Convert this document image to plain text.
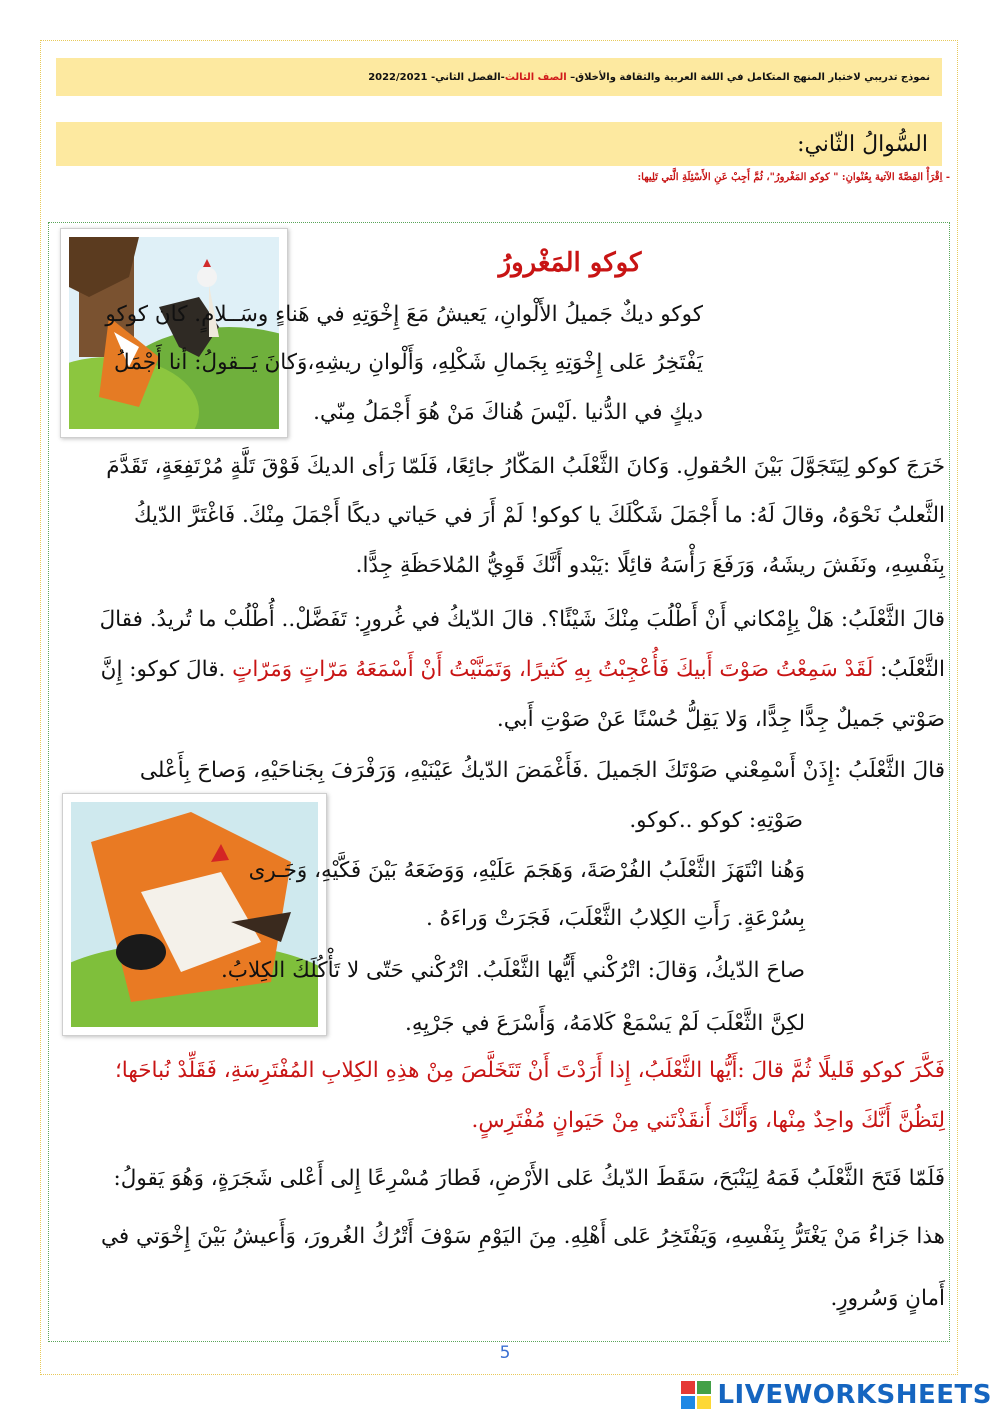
نموذج تدريبي لاختبار المنهج المتكامل في اللغة العربية والثقافة والأخلاق–

الصف الثالث
-الفصل الثاني- 2022/2021
السُّوالُ الثّاني:
- اِقْرَأْ القِصَّةَ الآتية بِعُنْوانِ: " كوكو المَغْرورُ"، ثُمَّ أَجِبْ عَنِ الأَسْئِلَةِ الَّتي تَلِيها:
كوكو المَغْرورُ
كوكو ديكٌ جَميلُ الأَلْوانِ، يَعيشُ مَعَ إِخْوَتِهِ في هَناءٍ وسَــلامٍ. كان كوكو
يَفْتَخِرُ عَلى إِخْوَتِهِ بِجَمالِ شَكْلِهِ، وَأَلْوانِ ريشِهِ،وَكانَ يَــقولُ: أنا أَجْمَلُ
ديكٍ في الدُّنيا .لَيْسَ هُناكَ مَنْ هُوَ أَجْمَلُ مِنّي.
خَرَجَ كوكو لِيَتَجَوَّلَ بَيْنَ الحُقولِ. وَكانَ الثَّعْلَبُ المَكّارُ جائِعًا، فَلَمّا رَأى الديكَ فَوْقَ تَلَّةٍ مُرْتَفِعَةٍ، تَقَدَّمَ
الثَّعلبُ نَحْوَهُ، وقالَ لَهُ: ما أَجْمَلَ شَكْلَكَ يا كوكو! لَمْ أَرَ في حَياتي ديكًا أَجْمَلَ مِنْكَ. فَاغْتَرَّ الدّيكُ
بِنَفْسِهِ، ونَفَشَ ريشَهُ، وَرَفَعَ رَأْسَهُ قائِلًا :يَبْدو أَنَّكَ قَوِيُّ المُلاحَظَةِ جِدًّا.
قالَ الثَّعْلَبُ: هَلْ بِإِمْكاني أَنْ أَطْلُبَ مِنْكَ شَيْئًا؟. قالَ الدّيكُ في غُرورٍ: تَفَضَّلْ.. أُطْلُبْ ما تُريدُ. فقالَ
الثَّعْلَبُ: لَقَدْ سَمِعْتُ صَوْتَ أَبيكَ فَأُعْجِبْتُ بِهِ كَثيرًا، وَتَمَنَّيْتُ أَنْ أَسْمَعَهُ مَرّاتٍ وَمَرّاتٍ .قالَ كوكو: إِنَّ
صَوْتي جَميلٌ جِدًّا جِدًّا، وَلا يَقِلُّ حُسْنًا عَنْ صَوْتِ أَبي.
قالَ الثَّعْلَبُ :إِذَنْ أَسْمِعْني صَوْتَكَ الجَميلَ .فَأَغْمَضَ الدّيكُ عَيْنَيْهِ، وَرَفْرَفَ بِجَناحَيْهِ، وَصاحَ بِأَعْلى
صَوْتِهِ: كوكو ..كوكو.
وَهُنا انْتَهَزَ الثَّعْلَبُ الفُرْصَةَ، وَهَجَمَ عَلَيْهِ، وَوَضَعَهُ بَيْنَ فَكَّيْهِ، وَجَـرى
بِسُرْعَةٍ. رَأَتِ الكِلابُ الثَّعْلَبَ، فَجَرَتْ وَراءَهُ .
صاحَ الدّيكُ، وَقالَ: اتْرُكْني أَيُّها الثَّعْلَبُ. اتْرُكْني حَتّى لا تَأْكُلَكَ الكِلابُ.
لكِنَّ الثَّعْلَبَ لَمْ يَسْمَعْ كَلامَهُ، وَأَسْرَعَ في جَرْيِهِ.
فَكَّرَ كوكو قَليلًا ثُمَّ قالَ :أَيُّها الثَّعْلَبُ، إِذا أَرَدْتَ أَنْ تَتَخَلَّصَ مِنْ هذِهِ الكِلابِ المُفْتَرِسَةِ، فَقَلِّدْ نُباحَها؛
لِتَظُنَّ أَنَّكَ واحِدٌ مِنْها، وَأَنَّكَ أَنقَذْتَني مِنْ حَيَوانٍ مُفْتَرِسٍ.
فَلَمّا فَتَحَ الثَّعْلَبُ فَمَهُ لِيَنْبَحَ، سَقَطَ الدّيكُ عَلى الأَرْضِ، فَطارَ مُسْرِعًا إِلى أَعْلى شَجَرَةٍ، وَهُوَ يَقولُ:
هذا جَزاءُ مَنْ يَغْتَرُّ بِنَفْسِهِ، وَيَفْتَخِرُ عَلى أَهْلِهِ. مِنَ اليَوْمِ سَوْفَ أَتْرُكُ الغُرورَ، وَأَعيشُ بَيْنَ إِخْوَتي في
أَمانٍ وَسُرورٍ.
5
LIVEWORKSHEETS
